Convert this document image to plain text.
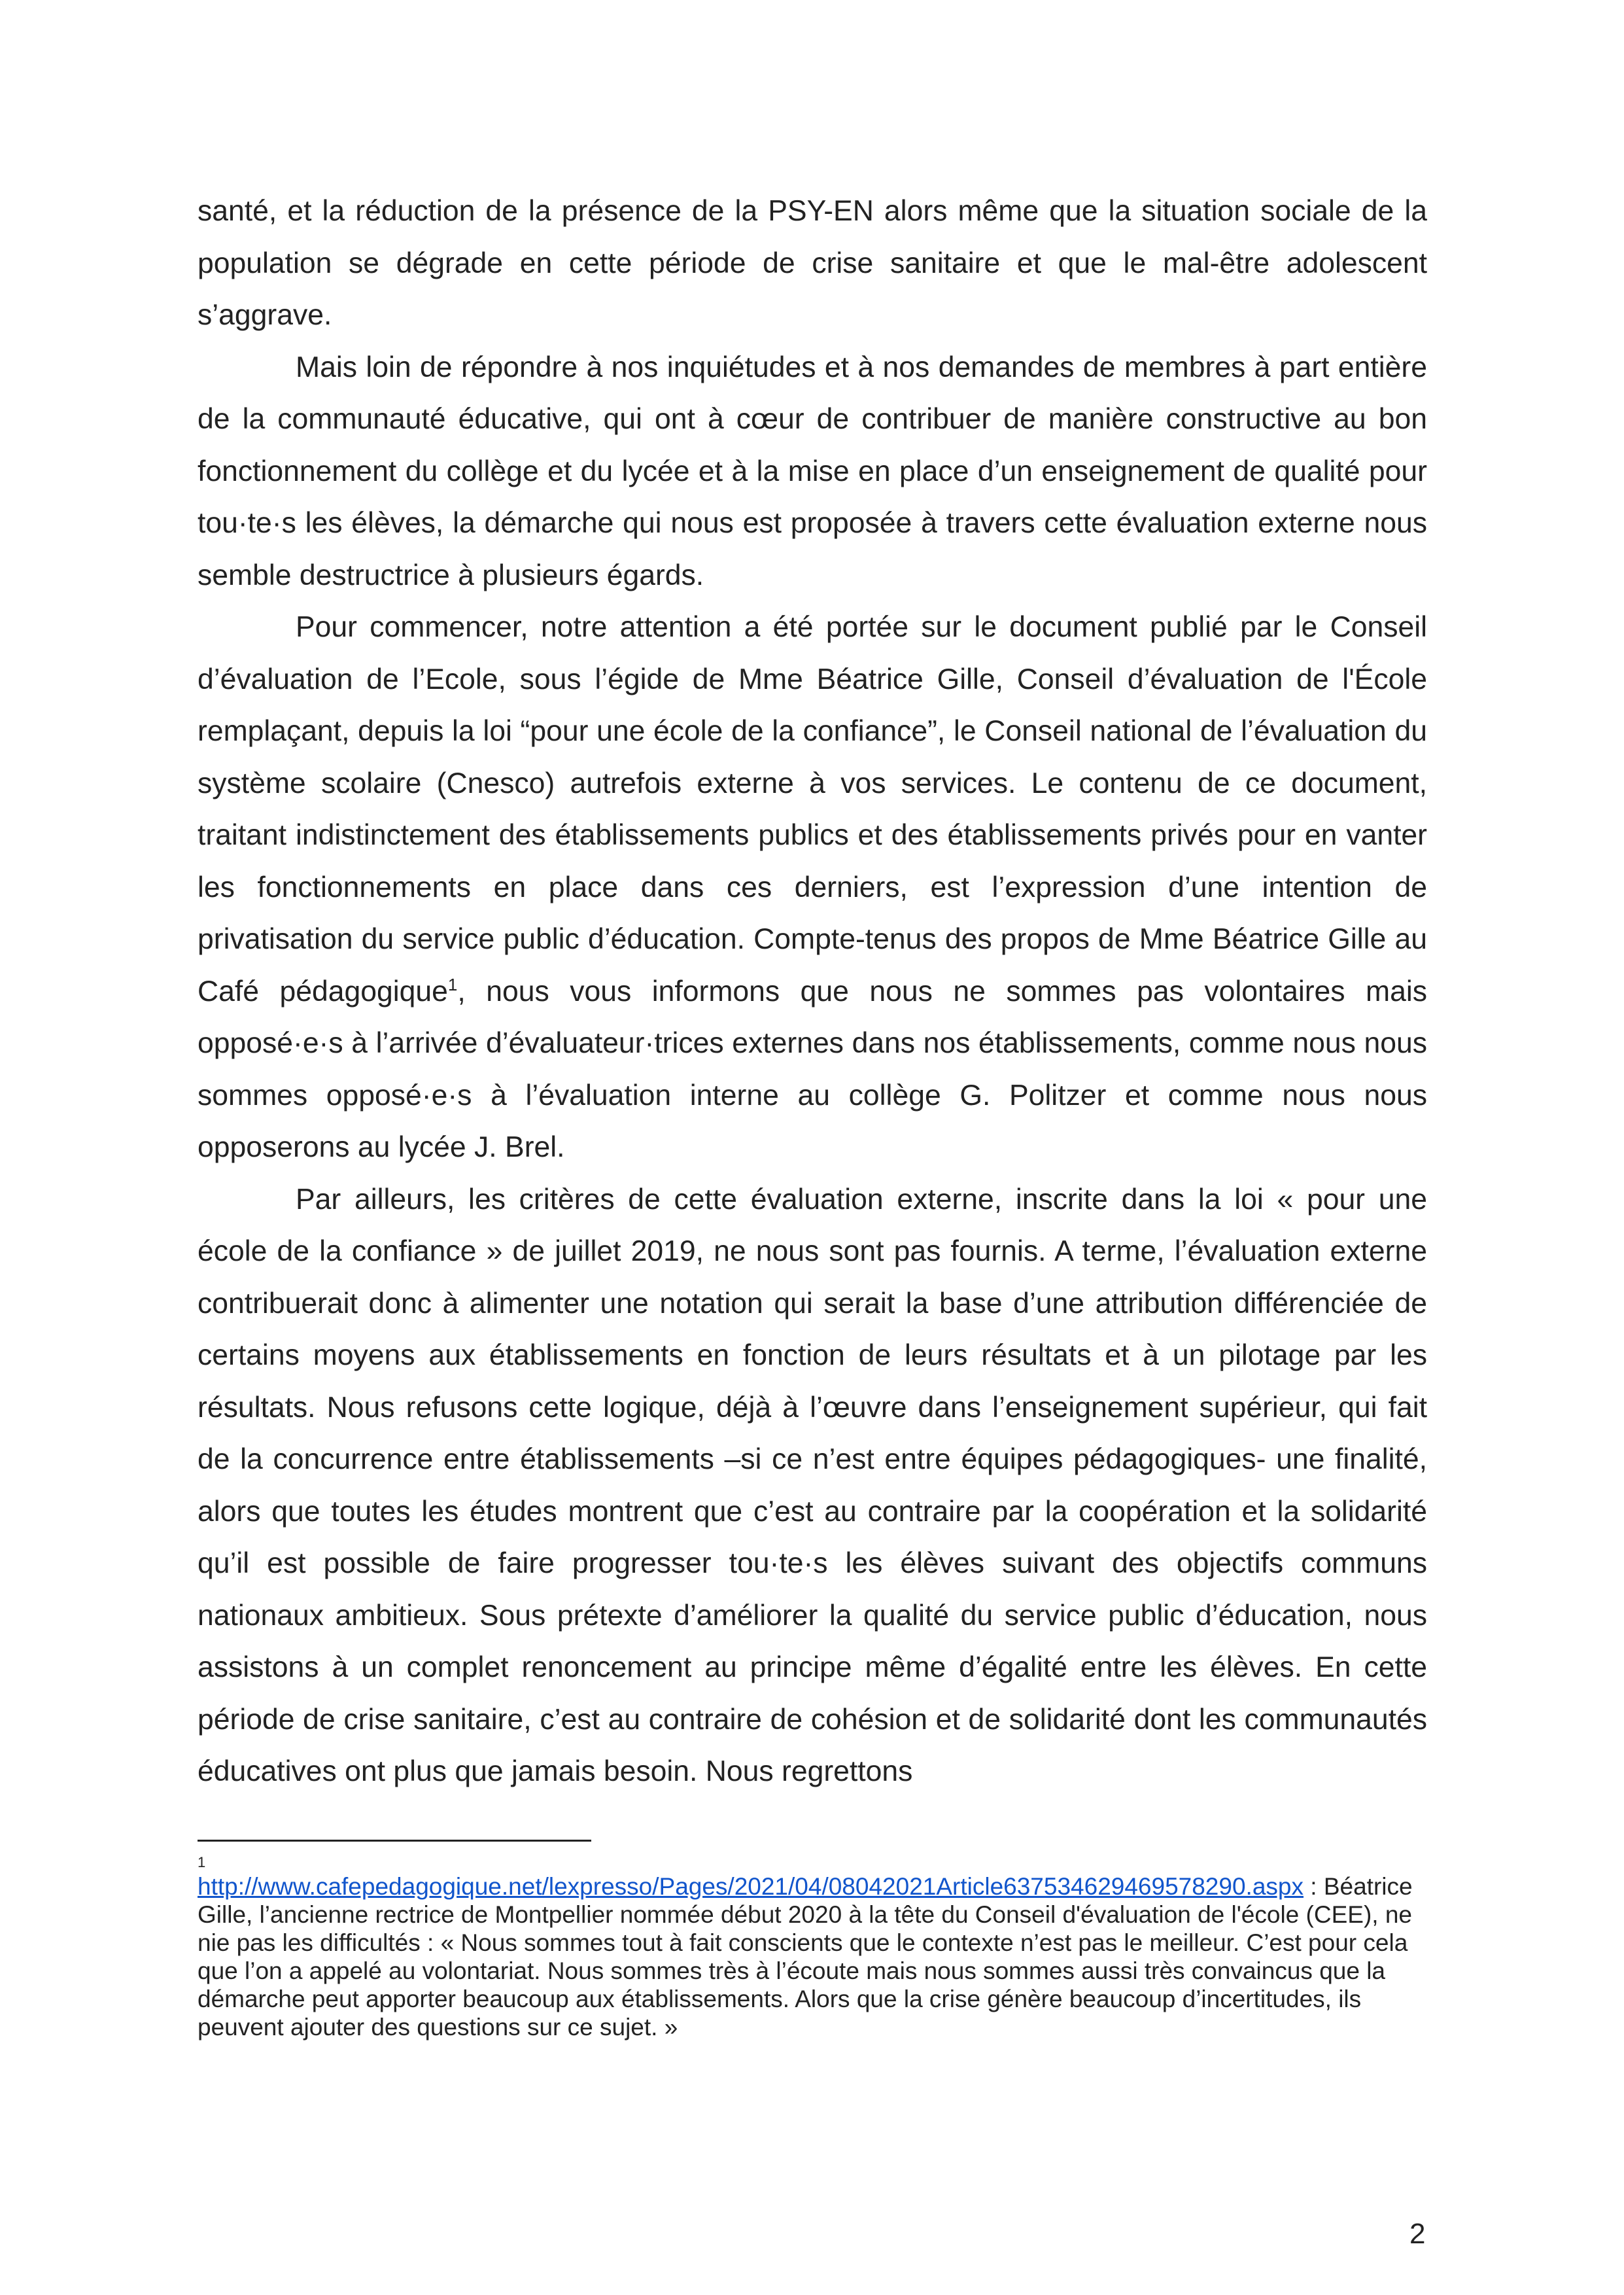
santé, et la réduction de la présence de la PSY-EN alors même que la situation sociale de la population se dégrade en cette période de crise sanitaire et que le mal-être adolescent s’aggrave.

Mais loin de répondre à nos inquiétudes et à nos demandes de membres à part entière de la communauté éducative, qui ont à cœur de contribuer de manière constructive au bon fonctionnement du collège et du lycée et à la mise en place d’un enseignement de qualité pour tou·te·s les élèves, la démarche qui nous est proposée à travers cette évaluation externe nous semble destructrice à plusieurs égards.

Pour commencer, notre attention a été portée sur le document publié par le Conseil d’évaluation de l’Ecole, sous l’égide de Mme Béatrice Gille, Conseil d’évaluation de l'École remplaçant, depuis la loi “pour une école de la confiance”, le Conseil national de l’évaluation du système scolaire (Cnesco) autrefois externe à vos services. Le contenu de ce document, traitant indistinctement des établissements publics et des établissements privés pour en vanter les fonctionnements en place dans ces derniers, est l’expression d’une intention de privatisation du service public d’éducation. Compte-tenus des propos de Mme Béatrice Gille au Café pédagogique$^1$, nous vous informons que nous ne sommes pas volontaires mais opposé·e·s à l’arrivée d’évaluateur·trices externes dans nos établissements, comme nous nous sommes opposé·e·s à l’évaluation interne au collège G. Politzer et comme nous nous opposerons au lycée J. Brel.

Par ailleurs, les critères de cette évaluation externe, inscrite dans la loi « pour une école de la confiance » de juillet 2019, ne nous sont pas fournis. A terme, l’évaluation externe contribuerait donc à alimenter une notation qui serait la base d’une attribution différenciée de certains moyens aux établissements en fonction de leurs résultats et à un pilotage par les résultats. Nous refusons cette logique, déjà à l’œuvre dans l’enseignement supérieur, qui fait de la concurrence entre établissements –si ce n’est entre équipes pédagogiques- une finalité, alors que toutes les études montrent que c’est au contraire par la coopération et la solidarité qu’il est possible de faire progresser tou·te·s les élèves suivant des objectifs communs nationaux ambitieux. Sous prétexte d’améliorer la qualité du service public d’éducation, nous assistons à un complet renoncement au principe même d’égalité entre les élèves. En cette période de crise sanitaire, c’est au contraire de cohésion et de solidarité dont les communautés éducatives ont plus que jamais besoin. Nous regrettons

1
http://www.cafepedagogique.net/lexpresso/Pages/2021/04/08042021Article637534629469578290.aspx : Béatrice Gille, l’ancienne rectrice de Montpellier nommée début 2020 à la tête du Conseil d'évaluation de l'école (CEE), ne nie pas les difficultés : « Nous sommes tout à fait conscients que le contexte n’est pas le meilleur. C’est pour cela que l’on a appelé au volontariat. Nous sommes très à l’écoute mais nous sommes aussi très convaincus que la démarche peut apporter beaucoup aux établissements. Alors que la crise génère beaucoup d’incertitudes, ils peuvent ajouter des questions sur ce sujet. »
2
